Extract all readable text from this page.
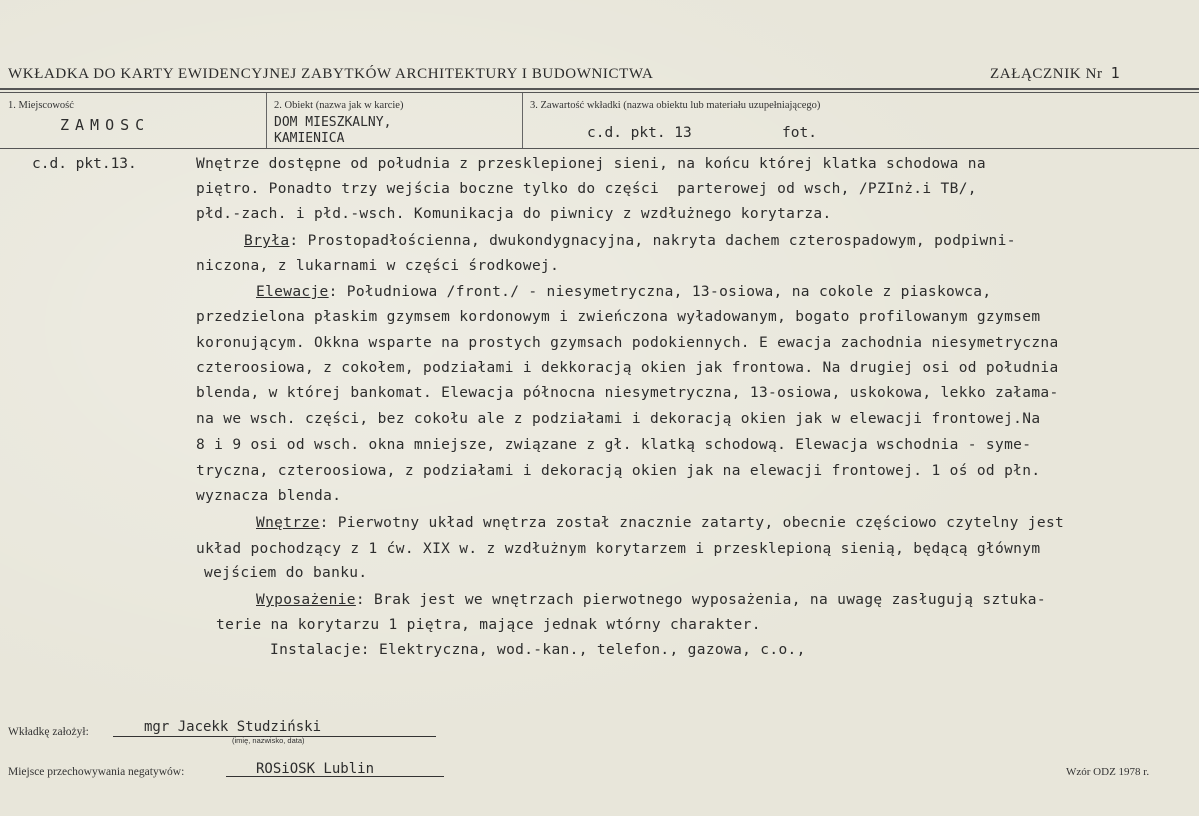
WKŁADKA DO KARTY EWIDENCYJNEJ ZABYTKÓW ARCHITEKTURY I BUDOWNICTWA	ZAŁĄCZNIK Nr 1
1. Miejscowość
ZAMOSC
2. Obiekt (nazwa jak w karcie)
DOM MIESZKALNY,
KAMIENICA
3. Zawartość wkładki (nazwa obiektu lub materiału uzupełniającego)
c.d. pkt. 13	fot.
c.d. pkt.13.	Wnętrze dostępne od południa z przesklepionej sieni, na końcu której klatka schodowa na
piętro. Ponadto trzy wejścia boczne tylko do części  parterowej od wsch, /PZInż.i TB/,
płd.-zach. i płd.-wsch. Komunikacja do piwnicy z wzdłużnego korytarza.
Bryła: Prostopadłościenna, dwukondygnacyjna, nakryta dachem czterospadowym, podpiwni-
niczona, z lukarnami w części środkowej.
Elewacje: Południowa /front./ - niesymetryczna, 13-osiowa, na cokole z piaskowca,
przedzielona płaskim gzymsem kordonowym i zwieńczona wyładowanym, bogato profilowanym gzymsem
koronującym. Okkna wsparte na prostych gzymsach podokiennych. E ewacja zachodnia niesymetryczna
czteroosiowa, z cokołem, podziałami i dekkoracją okien jak frontowa. Na drugiej osi od południa
blenda, w której bankomat. Elewacja północna niesymetryczna, 13-osiowa, uskokowa, lekko załama-
na we wsch. części, bez cokołu ale z podziałami i dekoracją okien jak w elewacji frontowej.Na
8 i 9 osi od wsch. okna mniejsze, związane z gł. klatką schodową. Elewacja wschodnia - syme-
tryczna, czteroosiowa, z podziałami i dekoracją okien jak na elewacji frontowej. 1 oś od płn.
wyznacza blenda.
Wnętrze: Pierwotny układ wnętrza został znacznie zatarty, obecnie częściowo czytelny jest
układ pochodzący z 1 ćw. XIX w. z wzdłużnym korytarzem i przesklepioną sienią, będącą głównym
wejściem do banku.
Wyposażenie: Brak jest we wnętrzach pierwotnego wyposażenia, na uwagę zasługują sztuka-
terie na korytarzu 1 piętra, mające jednak wtórny charakter.
Instalacje: Elektryczna, wod.-kan., telefon., gazowa, c.o.,
Wkładkę założył:	mgr Jacekk Studziński
(imię, nazwisko, data)
Miejsce przechowywania negatywów:	ROSiOSK Lublin	Wzór ODZ 1978 r.
